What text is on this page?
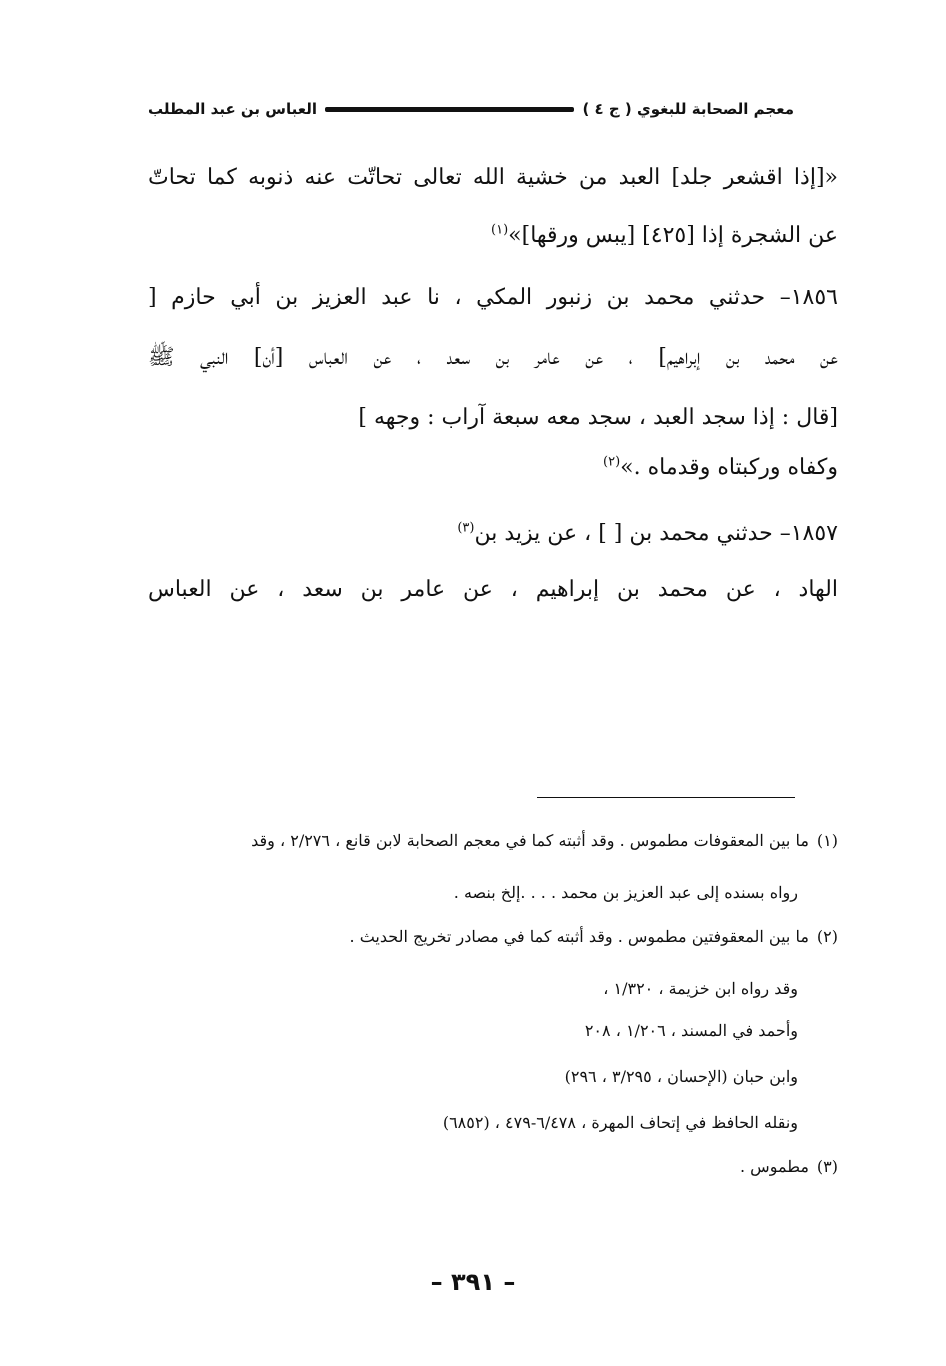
معجم الصحابة للبغوي ( ج ٤ )
العباس بن عبد المطلب
«[إذا اقشعر جلد] العبد من خشية الله تعالى تحاتّت عنه ذنوبه كما تحاتّ
عن الشجرة إذا [٤٢٥] [يبس ورقها]»$^{(١)}$
١٨٥٦– حدثني محمد بن زنبور المكي ، نا عبد العزيز بن أبي حازم [
عن محمد بن إبراهيم] ، عن عامر بن سعد ، عن العباس [أن] النبي ﷺ
[قال : إذا سجد العبد ، سجد معه سبعة آراب : وجهه ]
وكفاه وركبتاه وقدماه .»$^{(٢)}$
١٨٥٧– حدثني محمد بن [ ] ، عن يزيد بن$^{(٣)}$
الهاد ، عن محمد بن إبراهيم ، عن عامر بن سعد ، عن العباس
(١)ما بين المعقوفات مطموس . وقد أثبته كما في معجم الصحابة لابن قانع ، ٢/٢٧٦ ، وقد
رواه بسنده إلى عبد العزيز بن محمد . . . .إلخ بنصه .
(٢)ما بين المعقوفتين مطموس . وقد أثبته كما في مصادر تخريج الحديث .
وقد رواه ابن خزيمة ، ١/٣٢٠ ،
وأحمد في المسند ، ١/٢٠٦ ، ٢٠٨
وابن حبان (الإحسان ، ٣/٢٩٥ ، ٢٩٦)
ونقله الحافظ في إتحاف المهرة ، ٦/٤٧٨-٤٧٩ ، (٦٨٥٢)
(٣)مطموس .
– ٣٩١ –
